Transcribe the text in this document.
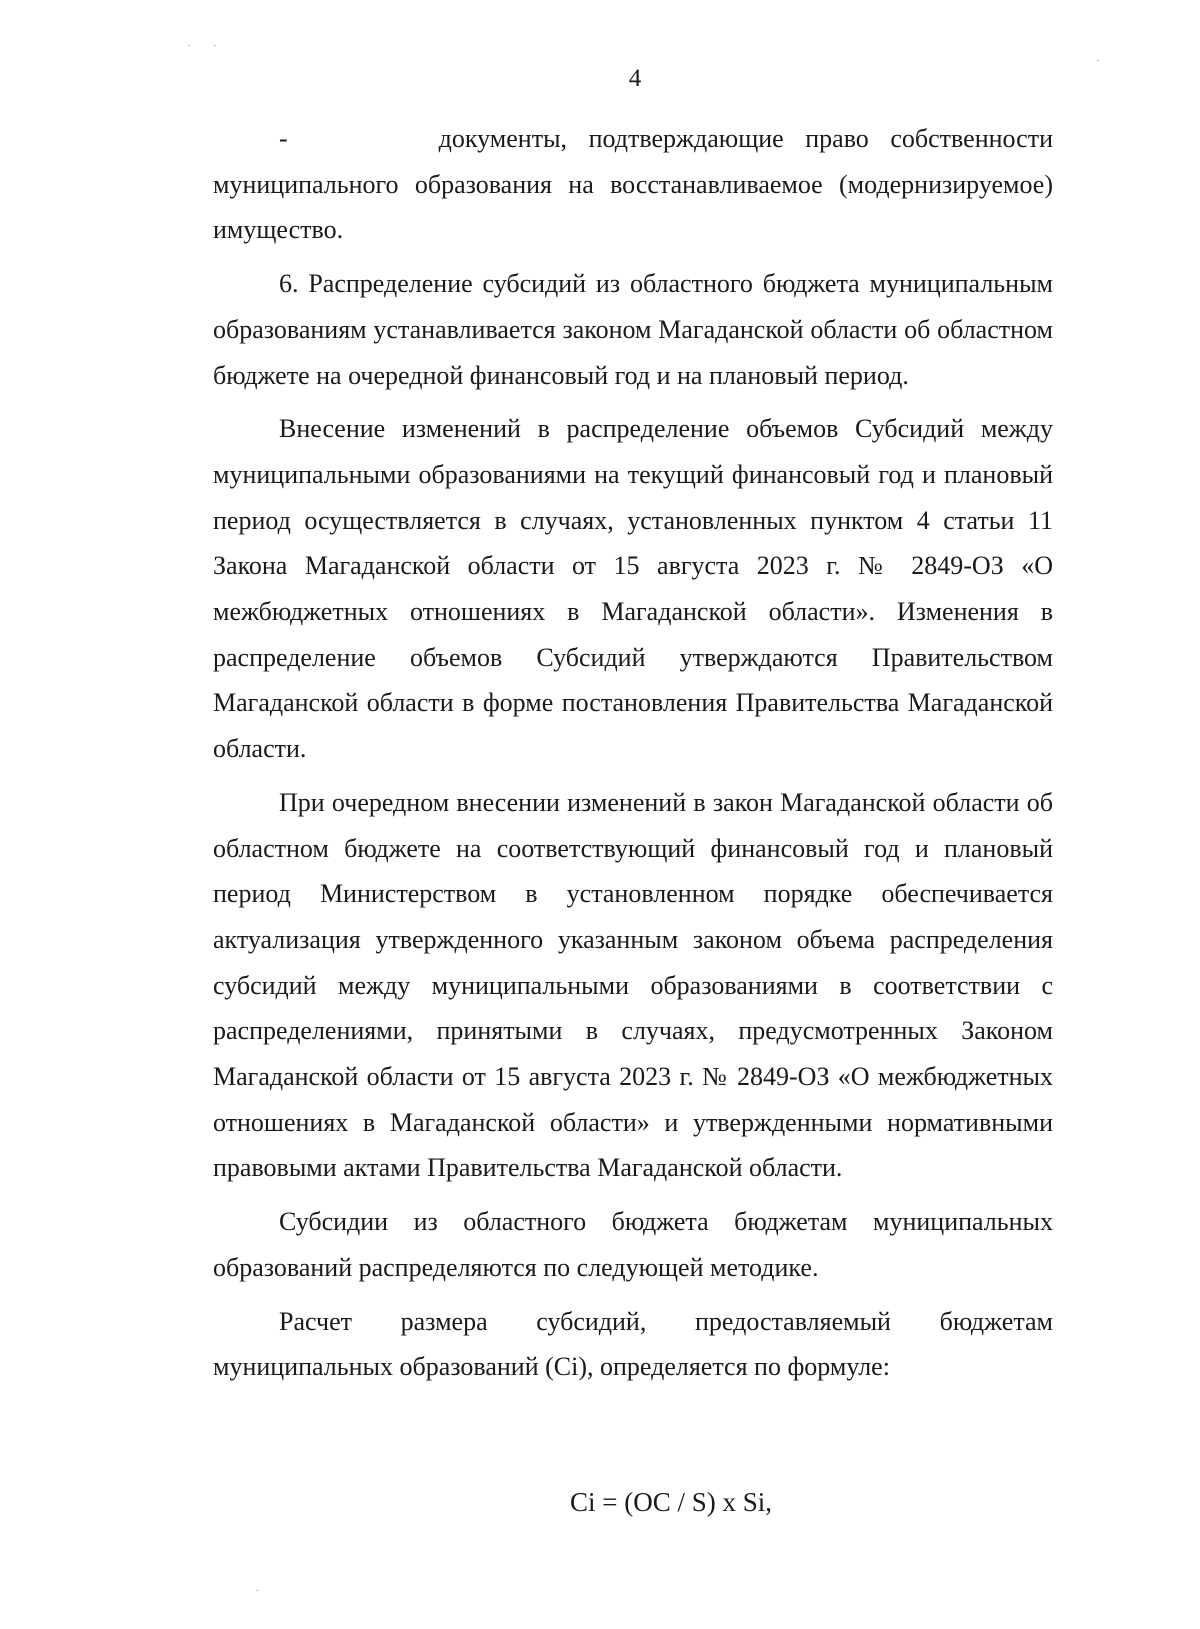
4

-       документы, подтверждающие право собственности муниципального образования на восстанавливаемое (модернизируемое) имущество.

6. Распределение субсидий из областного бюджета муниципальным образованиям устанавливается законом Магаданской области об областном бюджете на очередной финансовый год и на плановый период.

Внесение изменений в распределение объемов Субсидий между муниципальными образованиями на текущий финансовый год и плановый период осуществляется в случаях, установленных пунктом 4 статьи 11 Закона Магаданской области от 15 августа 2023 г. № 2849-ОЗ «О межбюджетных отношениях в Магаданской области». Изменения в распределение объемов Субсидий утверждаются Правительством Магаданской области в форме постановления Правительства Магаданской области.

При очередном внесении изменений в закон Магаданской области об областном бюджете на соответствующий финансовый год и плановый период Министерством в установленном порядке обеспечивается актуализация утвержденного указанным законом объема распределения субсидий между муниципальными образованиями в соответствии с распределениями, принятыми в случаях, предусмотренных Законом Магаданской области от 15 августа 2023 г. № 2849-ОЗ «О межбюджетных отношениях в Магаданской области» и утвержденными нормативными правовыми актами Правительства Магаданской области.

Субсидии из областного бюджета бюджетам муниципальных образований распределяются по следующей методике.

Расчет размера субсидий, предоставляемый бюджетам муниципальных образований (Ci), определяется по формуле:

Ci = (OC / S) x Si,
